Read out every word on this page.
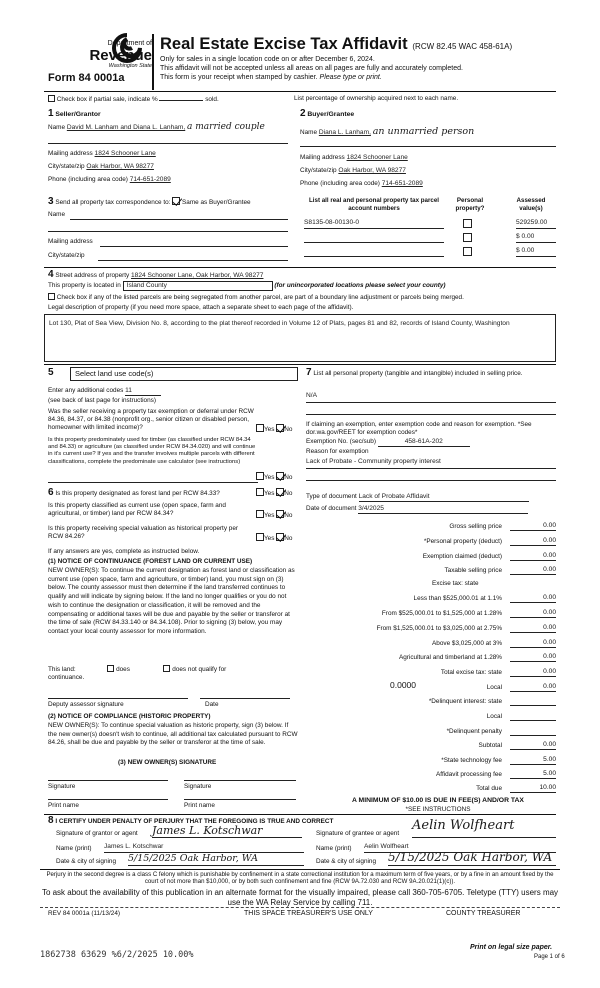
Department of
Revenue
Washington State
Form 84 0001a
Real Estate Excise Tax Affidavit (RCW 82.45 WAC 458-61A)
Only for sales in a single location code on or after December 6, 2024.
This affidavit will not be accepted unless all areas on all pages are fully and accurately completed.
This form is your receipt when stamped by cashier. Please type or print.
Check box if partial sale, indicate %	sold.	List percentage of ownership acquired next to each name.
1 Seller/Grantor
Name David M. Lanham and Diana L. Lanham, a married couple
Mailing address 1824 Schooner Lane
City/state/zip Oak Harbor, WA 98277
Phone (including area code) 714-651-2089
2 Buyer/Grantee
Name Diana L. Lanham, an unmarried person
Mailing address 1824 Schooner Lane
City/state/zip Oak Harbor, WA 98277
Phone (including area code) 714-651-2089
3 Send all property tax correspondence to: Same as Buyer/Grantee
Name
Mailing address
City/state/zip
List all real and personal property tax parcel account numbers
Personal property?
Assessed value(s)
S8135-08-00130-0	529259.00
$ 0.00
$ 0.00
4 Street address of property 1824 Schooner Lane, Oak Harbor, WA 98277
This property is located in Island County	(for unincorporated locations please select your county)
Check box if any of the listed parcels are being segregated from another parcel, are part of a boundary line adjustment or parcels being merged.
Legal description of property (if you need more space, attach a separate sheet to each page of the affidavit).
Lot 130, Plat of Sea View, Division No. 8, according to the plat thereof recorded in Volume 12 of Plats, pages 81 and 82, records of Island County, Washington
5	Select land use code(s)
Enter any additional codes 11
(see back of last page for instructions)
Was the seller receiving a property tax exemption or deferral under RCW 84.36, 84.37, or 84.38 (nonprofit org., senior citizen or disabled person, homeowner with limited income)?	Yes No
Is this property predominately used for timber (as classified under RCW 84.34 and 84.33) or agriculture (as classified under RCW 84.34.020) and will continue in it's current use? If yes and the transfer involves multiple parcels with different classifications, complete the predominate use calculator (see instructions)
Yes No
6 Is this property designated as forest land per RCW 84.33?	Yes No
Is this property classified as current use (open space, farm and agricultural, or timber) land per RCW 84.34?	Yes No
Is this property receiving special valuation as historical property per RCW 84.26?	Yes No
If any answers are yes, complete as instructed below.
(1) NOTICE OF CONTINUANCE (FOREST LAND OR CURRENT USE)
NEW OWNER(S): To continue the current designation as forest land or classification as current use (open space, farm and agriculture, or timber) land, you must sign on (3) below. The county assessor must then determine if the land transferred continues to qualify and will indicate by signing below. If the land no longer qualifies or you do not wish to continue the designation or classification, it will be removed and the compensating or additional taxes will be due and payable by the seller or transferor at the time of sale (RCW 84.33.140 or 84.34.108). Prior to signing (3) below, you may contact your local county assessor for more information.
This land:	does	does not qualify for
continuance.
Deputy assessor signature	Date
(2) NOTICE OF COMPLIANCE (HISTORIC PROPERTY)
NEW OWNER(S): To continue special valuation as historic property, sign (3) below. If the new owner(s) doesn't wish to continue, all additional tax calculated pursuant to RCW 84.26, shall be due and payable by the seller or transferor at the time of sale.
(3) NEW OWNER(S) SIGNATURE
Signature	Signature
Print name	Print name
7 List all personal property (tangible and intangible) included in selling price.
N/A
If claiming an exemption, enter exemption code and reason for exemption. *See dor.wa.gov/REET for exemption codes*
Exemption No. (sec/sub)	458-61A-202
Reason for exemption
Lack of Probate - Community property interest
Type of document Lack of Probate Affidavit
Date of document 3/4/2025
Gross selling price	0.00
*Personal property (deduct)	0.00
Exemption claimed (deduct)	0.00
Taxable selling price	0.00
Excise tax: state
Less than $525,000.01 at 1.1%	0.00
From $525,000.01 to $1,525,000 at 1.28%	0.00
From $1,525,000.01 to $3,025,000 at 2.75%	0.00
Above $3,025,000 at 3%	0.00
Agricultural and timberland at 1.28%	0.00
Total excise tax: state	0.00
0.0000	Local	0.00
*Delinquent interest: state
Local
*Delinquent penalty
Subtotal	0.00
*State technology fee	5.00
Affidavit processing fee	5.00
Total due	10.00
A MINIMUM OF $10.00 IS DUE IN FEE(S) AND/OR TAX
*SEE INSTRUCTIONS
8 I CERTIFY UNDER PENALTY OF PERJURY THAT THE FOREGOING IS TRUE AND CORRECT
Signature of grantor or agent James L. Kotschwar
Name (print) James L. Kotschwar
Date & city of signing 5/15/2025 Oak Harbor, WA
Signature of grantee or agent
Aelin Wolfheart
Name (print) Aelin Wolfheart
Date & city of signing 5/15/2025 Oak Harbor, WA
Perjury in the second degree is a class C felony which is punishable by confinement in a state correctional institution for a maximum term of five years, or by a fine in an amount fixed by the court of not more than $10,000, or by both such confinement and fine (RCW 9A.72.030 and RCW 9A.20.021(1)(c)).
To ask about the availability of this publication in an alternate format for the visually impaired, please call 360-705-6705. Teletype (TTY) users may use the WA Relay Service by calling 711.
REV 84 0001a (11/13/24)	THIS SPACE TREASURER'S USE ONLY	COUNTY TREASURER
Print on legal size paper.
Page 1 of 6
1862738 63629 %6/2/2025 10.00%
